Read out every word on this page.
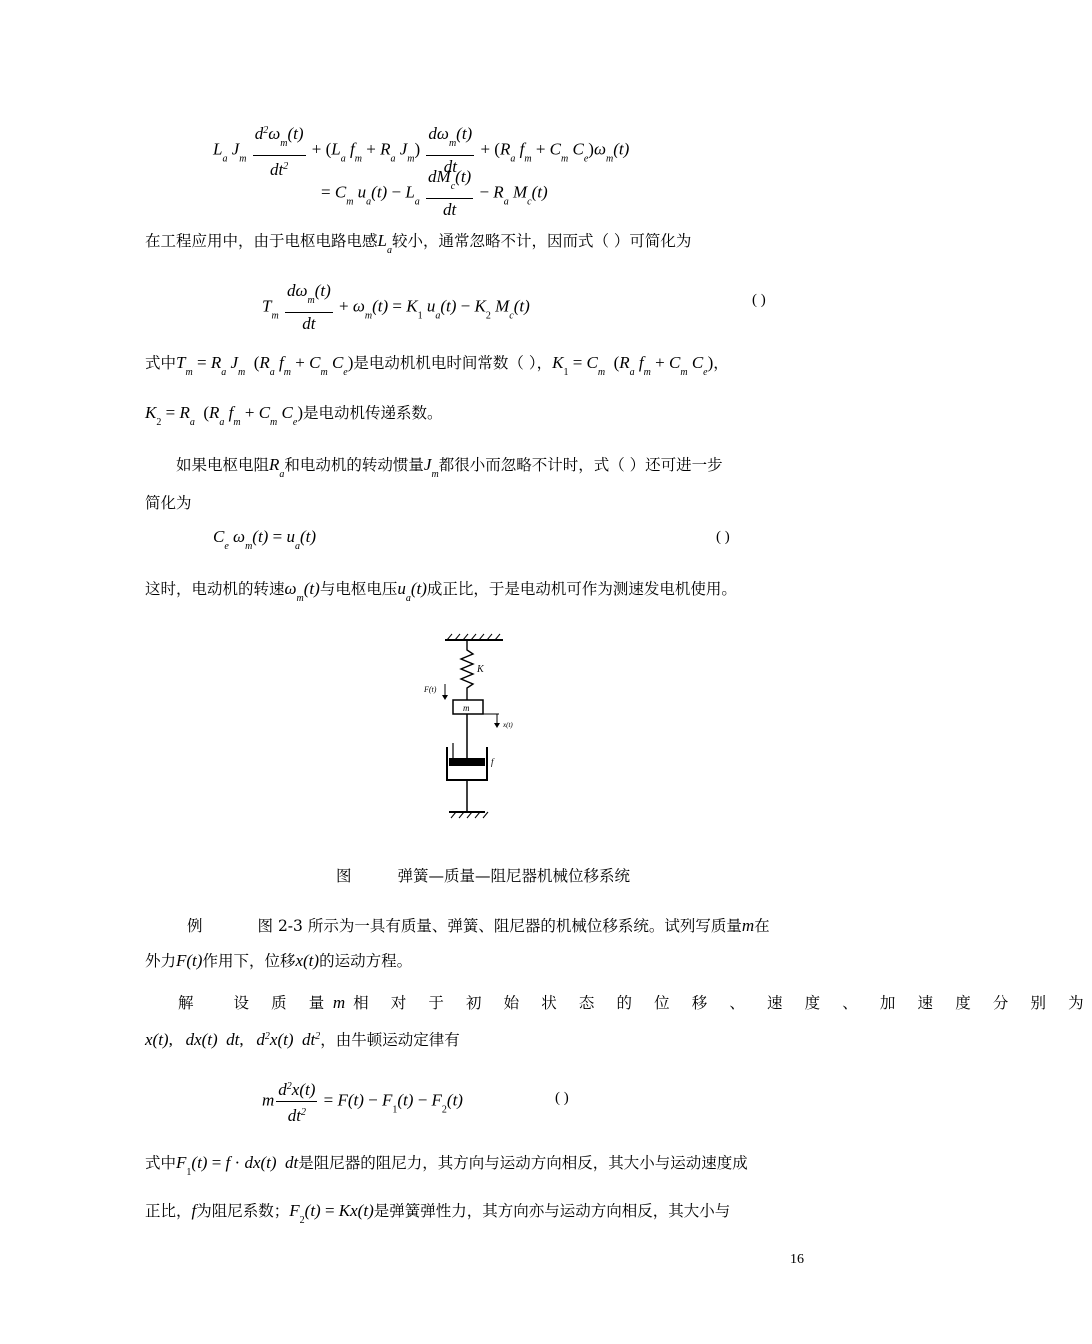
$L_a$ $J_m \frac{d^2\omega_m(t)}{dt^2} + (L_a$ $f_m + R_a$ $J_m) \frac{d\omega_m(t)}{dt} + (R_a$ $f_m + C_m$ $C_e)\omega_m(t)$
= $C_m$ $u_a(t) - L_a \frac{dM_c(t)}{dt} - R_a$ $M_c(t)$
在工程应用中，由于电枢电路电感$L_a$较小，通常忽略不计，因而式（ ）可简化为
$T_m \frac{d\omega_m(t)}{dt} + \omega_m(t) = K_1$ $u_a(t) - K_2$ $M_c(t)$	( )
式中$T_m = R_a$ $J_m$  ($R_a$ $f_m + C_m$ $C_e$)是电动机机电时间常数（ ），$K_1 = C_m$  ($R_a$ $f_m + C_m$ $C_e$)，
$K_2 = R_a$  ($R_a$ $f_m + C_m$ $C_e$)是电动机传递系数。
如果电枢电阻$R_a$和电动机的转动惯量$J_m$都很小而忽略不计时，式（ ）还可进一步
简化为
$C_e$ $\omega_m(t) = u_a(t)$	( )
这时，电动机的转速$\omega_m(t)$与电枢电压$u_a(t)$成正比，于是电动机可作为测速发电机使用。
K
F(t)
m
x(t)
f
图	弹簧—质量—阻尼器机械位移系统
例	图 2-3 所示为一具有质量、弹簧、阻尼器的机械位移系统。试列写质量m在
外力F(t)作用下，位移x(t)的运动方程。
解	设 质 量m 相 对 于 初 始 状 态 的 位 移 、 速 度 、 加 速 度 分 别 为
x(t),   dx(t)  dt,   $d^2x(t)$  $dt^2$，由牛顿运动定律有
m $\frac{d^2x(t)}{dt^2} = F(t) - F_1(t) - F_2(t)$	( )
式中$F_1(t) = f \cdot dx(t)$  dt是阻尼器的阻尼力，其方向与运动方向相反，其大小与运动速度成
正比，f为阻尼系数；$F_2(t) = Kx(t)$是弹簧弹性力，其方向亦与运动方向相反，其大小与
16
